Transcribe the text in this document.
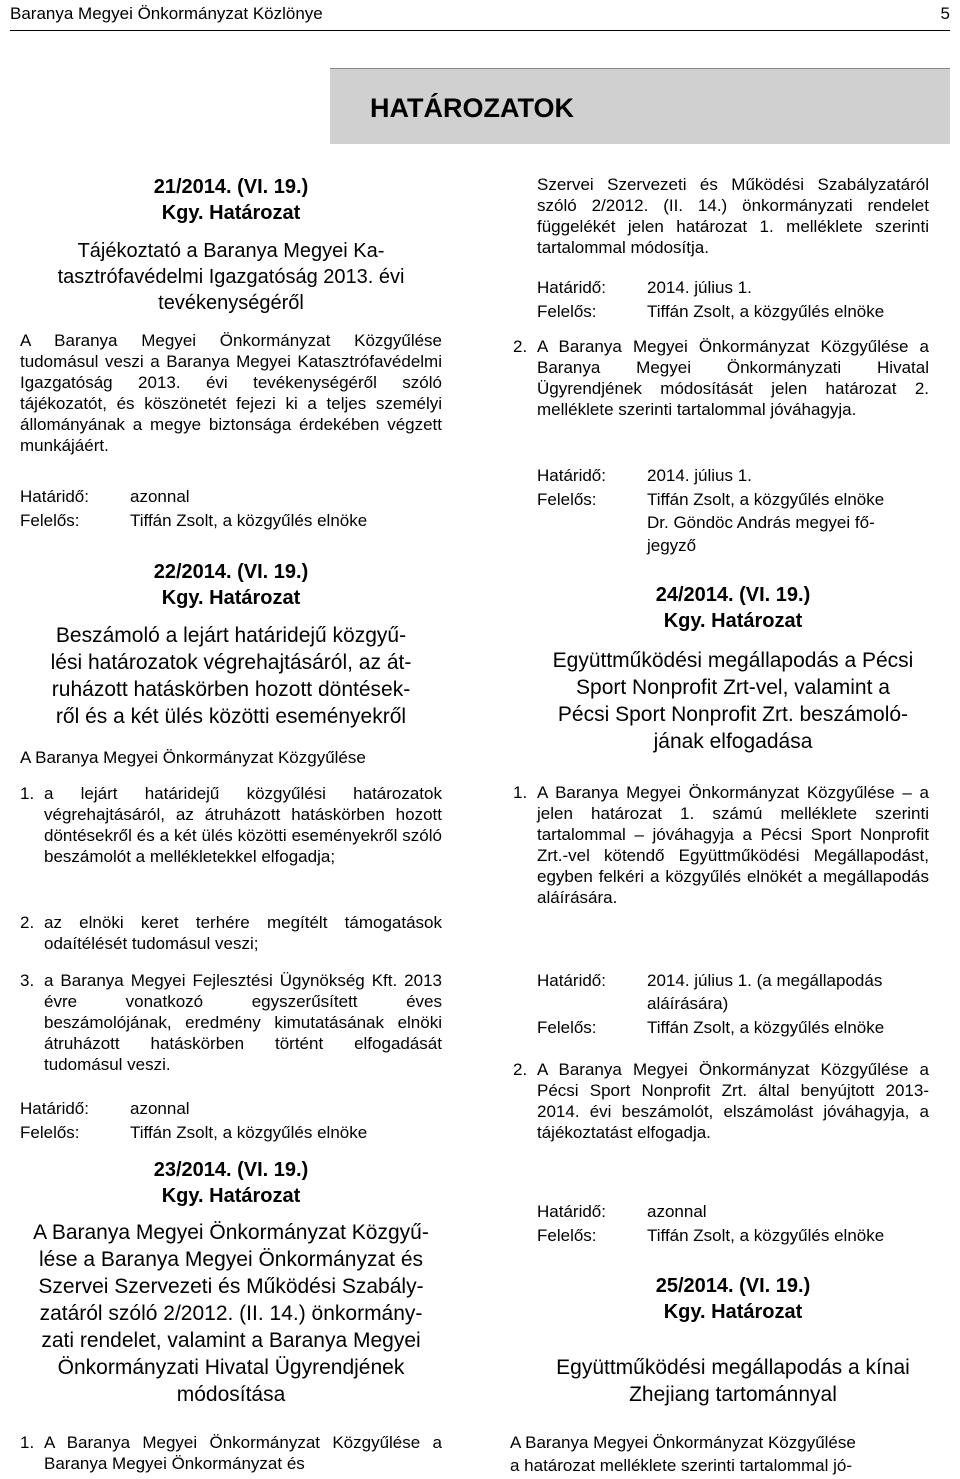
Baranya Megyei Önkormányzat Közlönye	5
HATÁROZATOK
21/2014. (VI. 19.)
Kgy. Határozat
Tájékoztató a Baranya Megyei Ka-
tasztrófavédelmi Igazgatóság 2013. évi
tevékenységéről

A Baranya Megyei Önkormányzat Közgyűlése tudomásul veszi a Baranya Megyei Katasztrófavédelmi Igazgatóság 2013. évi tevékenységéről szóló tájékozatót, és köszönetét fejezi ki a teljes személyi állományának a megye biztonsága érdekében végzett munkájáért.

Határidő: azonnal
Felelős:	Tiffán Zsolt, a közgyűlés elnöke
22/2014. (VI. 19.)
Kgy. Határozat
Beszámoló a lejárt határidejű közgyű-
lési határozatok végrehajtásáról, az át-
ruházott hatáskörben hozott döntések-
ről és a két ülés közötti eseményekről

A Baranya Megyei Önkormányzat Közgyűlése

1. a lejárt határidejű közgyűlési határozatok végrehajtásáról, az átruházott hatáskörben hozott döntésekről és a két ülés közötti eseményekről szóló beszámolót a mellékletekkel elfogadja;

2. az elnöki keret terhére megítélt támogatások odaítélését tudomásul veszi;

3. a Baranya Megyei Fejlesztési Ügynökség Kft. 2013 évre vonatkozó egyszerűsített éves beszámolójának, eredmény kimutatásának elnöki átruházott hatáskörben történt elfogadását tudomásul veszi.

Határidő: azonnal
Felelős:	Tiffán Zsolt, a közgyűlés elnöke
23/2014. (VI. 19.)
Kgy. Határozat
A Baranya Megyei Önkormányzat Közgyű-
lése a Baranya Megyei Önkormányzat és
Szervei Szervezeti és Működési Szabály-
zatáról szóló 2/2012. (II. 14.) önkormány-
zati rendelet, valamint a Baranya Megyei
Önkormányzati Hivatal Ügyrendjének
módosítása
1. A Baranya Megyei Önkormányzat Közgyűlése a Baranya Megyei Önkormányzat és

Szervei Szervezeti és Működési Szabályzatáról szóló 2/2012. (II. 14.) önkormányzati rendelet függelékét jelen határozat 1. melléklete szerinti tartalommal módosítja.

Határidő: 2014. július 1.
Felelős:	Tiffán Zsolt, a közgyűlés elnöke
2. A Baranya Megyei Önkormányzat Közgyűlése a Baranya Megyei Önkormányzati Hivatal Ügyrendjének módosítását jelen határozat 2. melléklete szerinti tartalommal jóváhagyja.

Határidő: 2014. július 1.
Felelős:	Tiffán Zsolt, a közgyűlés elnöke
Dr. Göndöc András megyei fő-
jegyző
24/2014. (VI. 19.)
Kgy. Határozat
Együttműködési megállapodás a Pécsi
Sport Nonprofit Zrt-vel, valamint a
Pécsi Sport Nonprofit Zrt. beszámoló-
jának elfogadása
1. A Baranya Megyei Önkormányzat Közgyűlése – a jelen határozat 1. számú melléklete szerinti tartalommal – jóváhagyja a Pécsi Sport Nonprofit Zrt.-vel kötendő Együttműködési Megállapodást, egyben felkéri a közgyűlés elnökét a megállapodás aláírására.

Határidő: 2014. július 1. (a megállapodás
aláírására)
Felelős:	Tiffán Zsolt, a közgyűlés elnöke
2. A Baranya Megyei Önkormányzat Közgyűlése a Pécsi Sport Nonprofit Zrt. által benyújtott 2013-2014. évi beszámolót, elszámolást jóváhagyja, a tájékoztatást elfogadja.

Határidő: azonnal
Felelős:	Tiffán Zsolt, a közgyűlés elnöke
25/2014. (VI. 19.)
Kgy. Határozat
Együttműködési megállapodás a kínai
Zhejiang tartománnyal

A Baranya Megyei Önkormányzat Közgyűlése

a határozat melléklete szerinti tartalommal jó-
